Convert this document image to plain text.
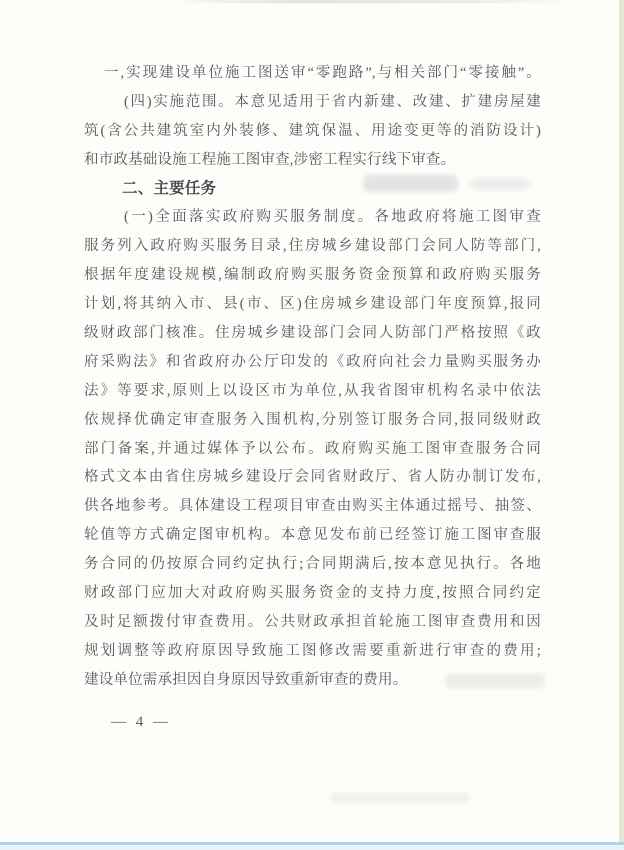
一,实现建设单位施工图送审“零跑路”,与相关部门“零接触”。
(四)实施范围。本意见适用于省内新建、改建、扩建房屋建
筑(含公共建筑室内外装修、建筑保温、用途变更等的消防设计)
和市政基础设施工程施工图审查,涉密工程实行线下审查。
二、主要任务
(一)全面落实政府购买服务制度。各地政府将施工图审查
服务列入政府购买服务目录,住房城乡建设部门会同人防等部门,
根据年度建设规模,编制政府购买服务资金预算和政府购买服务
计划,将其纳入市、县(市、区)住房城乡建设部门年度预算,报同
级财政部门核准。住房城乡建设部门会同人防部门严格按照《政
府采购法》和省政府办公厅印发的《政府向社会力量购买服务办
法》等要求,原则上以设区市为单位,从我省图审机构名录中依法
依规择优确定审查服务入围机构,分别签订服务合同,报同级财政
部门备案,并通过媒体予以公布。政府购买施工图审查服务合同
格式文本由省住房城乡建设厅会同省财政厅、省人防办制订发布,
供各地参考。具体建设工程项目审查由购买主体通过摇号、抽签、
轮值等方式确定图审机构。本意见发布前已经签订施工图审查服
务合同的仍按原合同约定执行;合同期满后,按本意见执行。各地
财政部门应加大对政府购买服务资金的支持力度,按照合同约定
及时足额拨付审查费用。公共财政承担首轮施工图审查费用和因
规划调整等政府原因导致施工图修改需要重新进行审查的费用;
建设单位需承担因自身原因导致重新审查的费用。
— 4 —
